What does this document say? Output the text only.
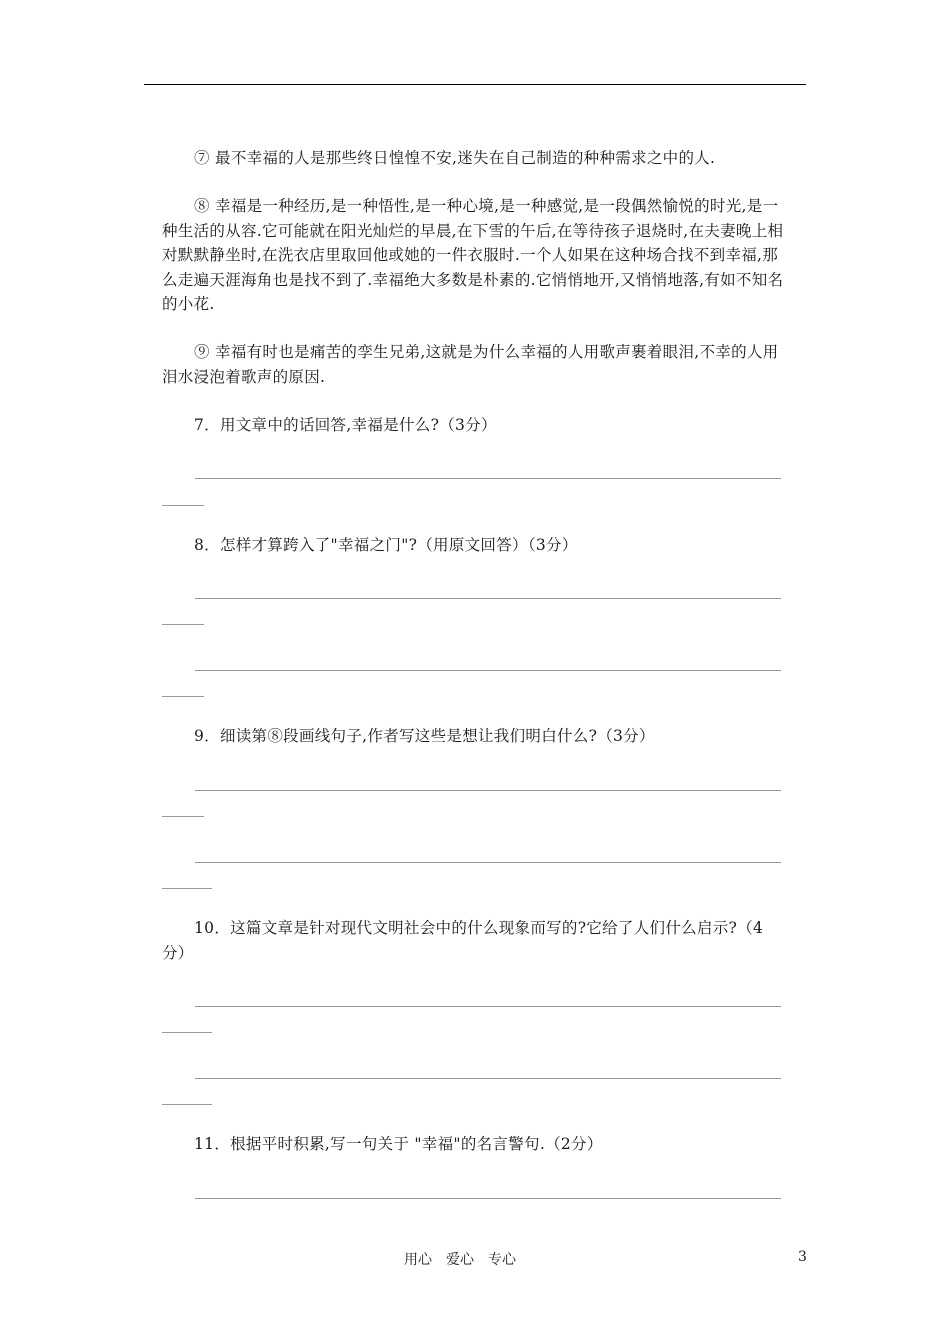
⑦ 最不幸福的人是那些终日惶惶不安,迷失在自己制造的种种需求之中的人.
⑧ 幸福是一种经历,是一种悟性,是一种心境,是一种感觉,是一段偶然愉悦的时光,是一种生活的从容.它可能就在阳光灿烂的早晨,在下雪的午后,在等待孩子退烧时,在夫妻晚上相对默默静坐时,在洗衣店里取回他或她的一件衣服时.一个人如果在这种场合找不到幸福,那么走遍天涯海角也是找不到了.幸福绝大多数是朴素的.它悄悄地开,又悄悄地落,有如不知名的小花.
⑨ 幸福有时也是痛苦的孪生兄弟,这就是为什么幸福的人用歌声裹着眼泪,不幸的人用泪水浸泡着歌声的原因.
7．用文章中的话回答,幸福是什么?（3分）
8．怎样才算跨入了"幸福之门"?（用原文回答）（3分）
9．细读第⑧段画线句子,作者写这些是想让我们明白什么?（3分）
10．这篇文章是针对现代文明社会中的什么现象而写的?它给了人们什么启示?（4分）
11．根据平时积累,写一句关于 "幸福"的名言警句.（2分）
用心　爱心　专心	3
